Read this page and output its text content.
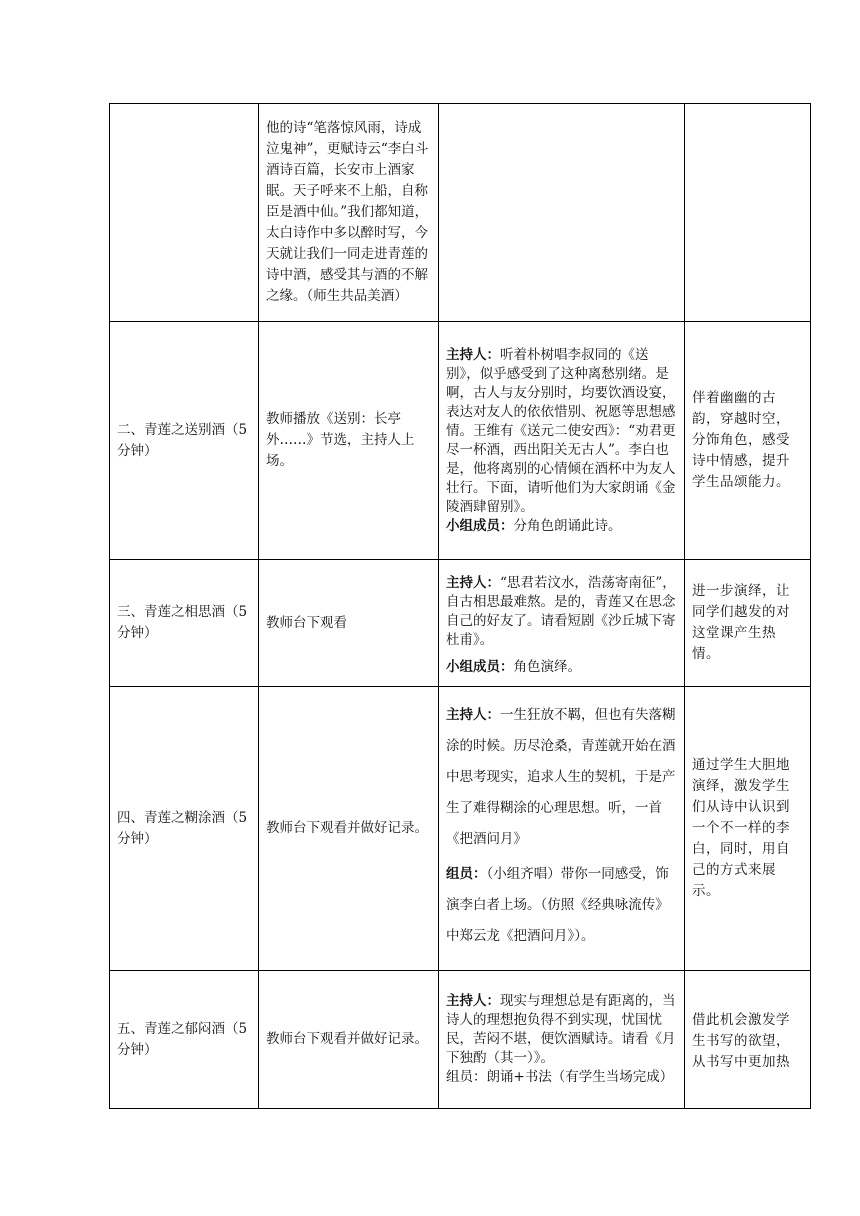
	他的诗“笔落惊风雨，诗成泣鬼神”，更赋诗云“李白斗酒诗百篇，长安市上酒家眠。天子呼来不上船，自称臣是酒中仙。”我们都知道，太白诗作中多以醉时写，今天就让我们一同走进青莲的诗中酒，感受其与酒的不解之缘。（师生共品美酒）		
二、青莲之送别酒（5分钟）	教师播放《送别：长亭外……》节选，主持人上场。	主持人：听着朴树唱李叔同的《送别》，似乎感受到了这种离愁别绪。是啊，古人与友分别时，均要饮酒设宴，表达对友人的依依惜别、祝愿等思想感情。王维有《送元二使安西》：“劝君更尽一杯酒，西出阳关无古人”。李白也是，他将离别的心情倾在酒杯中为友人壮行。下面，请听他们为大家朗诵《金陵酒肆留别》。
小组成员：分角色朗诵此诗。	伴着幽幽的古韵，穿越时空，分饰角色，感受诗中情感，提升学生品颂能力。
三、青莲之相思酒（5分钟）	教师台下观看	主持人：“思君若汶水，浩荡寄南征”，自古相思最难熬。是的，青莲又在思念自己的好友了。请看短剧《沙丘城下寄杜甫》。
小组成员：角色演绎。	进一步演绎，让同学们越发的对这堂课产生热情。
四、青莲之糊涂酒（5分钟）	教师台下观看并做好记录。	主持人：一生狂放不羁，但也有失落糊涂的时候。历尽沧桑，青莲就开始在酒中思考现实，追求人生的契机，于是产生了难得糊涂的心理思想。听，一首《把酒问月》
组员：（小组齐唱）带你一同感受，饰演李白者上场。（仿照《经典咏流传》中郑云龙《把酒问月》）。	通过学生大胆地演绎，激发学生们从诗中认识到一个不一样的李白，同时，用自己的方式来展示。
五、青莲之郁闷酒（5分钟）	教师台下观看并做好记录。	主持人：现实与理想总是有距离的，当诗人的理想抱负得不到实现，忧国忧民，苦闷不堪，便饮酒赋诗。请看《月下独酌（其一）》。
组员：朗诵+书法（有学生当场完成）	借此机会激发学生书写的欲望，从书写中更加热
